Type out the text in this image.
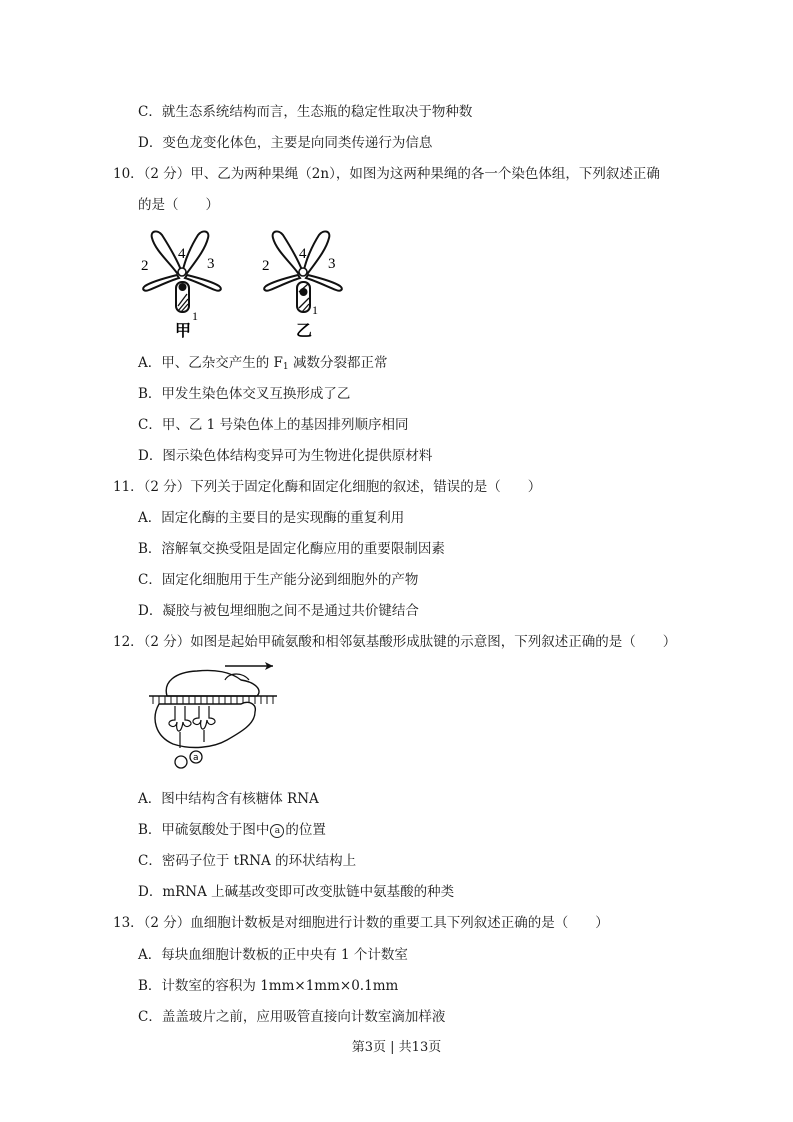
C．就生态系统结构而言，生态瓶的稳定性取决于物种数
D．变色龙变化体色，主要是向同类传递行为信息
10．（2 分）甲、乙为两种果绳（2n），如图为这两种果绳的各一个染色体组，下列叙述正确
的是（　　）
2
4
3
1
甲
2
4
3
1
乙
A．甲、乙杂交产生的 $F_1$ 减数分裂都正常
B．甲发生染色体交叉互换形成了乙
C．甲、乙 1 号染色体上的基因排列顺序相同
D．图示染色体结构变异可为生物进化提供原材料
11．（2 分）下列关于固定化酶和固定化细胞的叙述，错误的是（　　）
A．固定化酶的主要目的是实现酶的重复利用
B．溶解氧交换受阻是固定化酶应用的重要限制因素
C．固定化细胞用于生产能分泌到细胞外的产物
D．凝胶与被包埋细胞之间不是通过共价键结合
12．（2 分）如图是起始甲硫氨酸和相邻氨基酸形成肽键的示意图，下列叙述正确的是（　　）
a
A．图中结构含有核糖体 RNA
B．甲硫氨酸处于图中 a 的位置
C．密码子位于 tRNA 的环状结构上
D．mRNA 上碱基改变即可改变肽链中氨基酸的种类
13．（2 分）血细胞计数板是对细胞进行计数的重要工具下列叙述正确的是（　　）
A．每块血细胞计数板的正中央有 1 个计数室
B．计数室的容积为 1mm×1mm×0.1mm
C．盖盖玻片之前，应用吸管直接向计数室滴加样液
第3页 | 共13页
